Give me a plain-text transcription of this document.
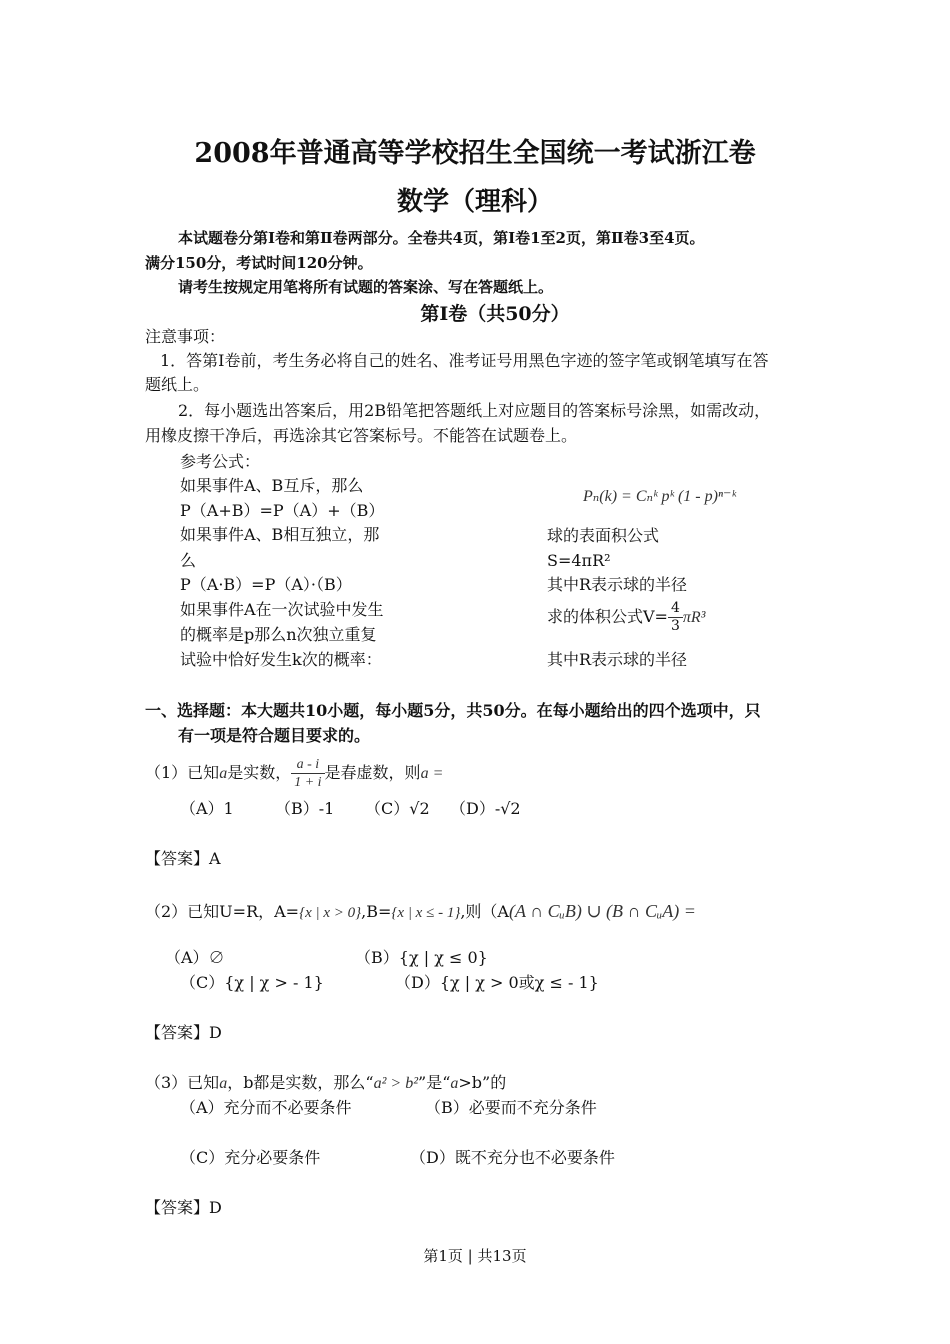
2008年普通高等学校招生全国统一考试浙江卷
数学（理科）
本试题卷分第Ⅰ卷和第Ⅱ卷两部分。全卷共4页，第Ⅰ卷1至2页，第Ⅱ卷3至4页。
满分150分，考试时间120分钟。
请考生按规定用笔将所有试题的答案涂、写在答题纸上。
第Ⅰ卷（共50分）
注意事项：
1．答第Ⅰ卷前，考生务必将自己的姓名、准考证号用黑色字迹的签字笔或钢笔填写在答
题纸上。
2．每小题选出答案后，用2B铅笔把答题纸上对应题目的答案标号涂黑，如需改动，
用橡皮擦干净后，再选涂其它答案标号。不能答在试题卷上。
参考公式：
如果事件A、B互斥，那么
P（A+B）=P（A）+（B）
如果事件A、B相互独立，那
么
P（A·B）=P（A）·（B）
如果事件A在一次试验中发生
的概率是p那么n次独立重复
试验中恰好发生k次的概率：
Pₙ(k) = Cₙᵏ pᵏ (1 - p)ⁿ⁻ᵏ
球的表面积公式
S=4πR²
其中R表示球的半径
求的体积公式$V= \frac{4}{3} \pi R^3$
其中R表示球的半径
一、选择题：本大题共10小题，每小题5分，共50分。在每小题给出的四个选项中，只
有一项是符合题目要求的。
（1）已知a是实数， $\frac{a - i}{1 + i}$ 是春虚数，则a =
（A）1	（B）-1 （C）√2 （D）-√2
【答案】A
（2）已知U=R，A={x | x > 0},B={x | x ≤ - 1},则（A(A ∩ CᵤB) ∪ (B ∩ CᵤA) =
（A）∅	（B）{χ | χ ≤ 0}
（C）{χ | χ > - 1}	（D）{χ | χ > 0或χ ≤ - 1}
【答案】D
（3）已知a，b都是实数，那么“a² > b²”是“a>b”的
（A）充分而不必要条件	（B）必要而不充分条件
（C）充分必要条件	（D）既不充分也不必要条件
【答案】D
第1页 | 共13页
